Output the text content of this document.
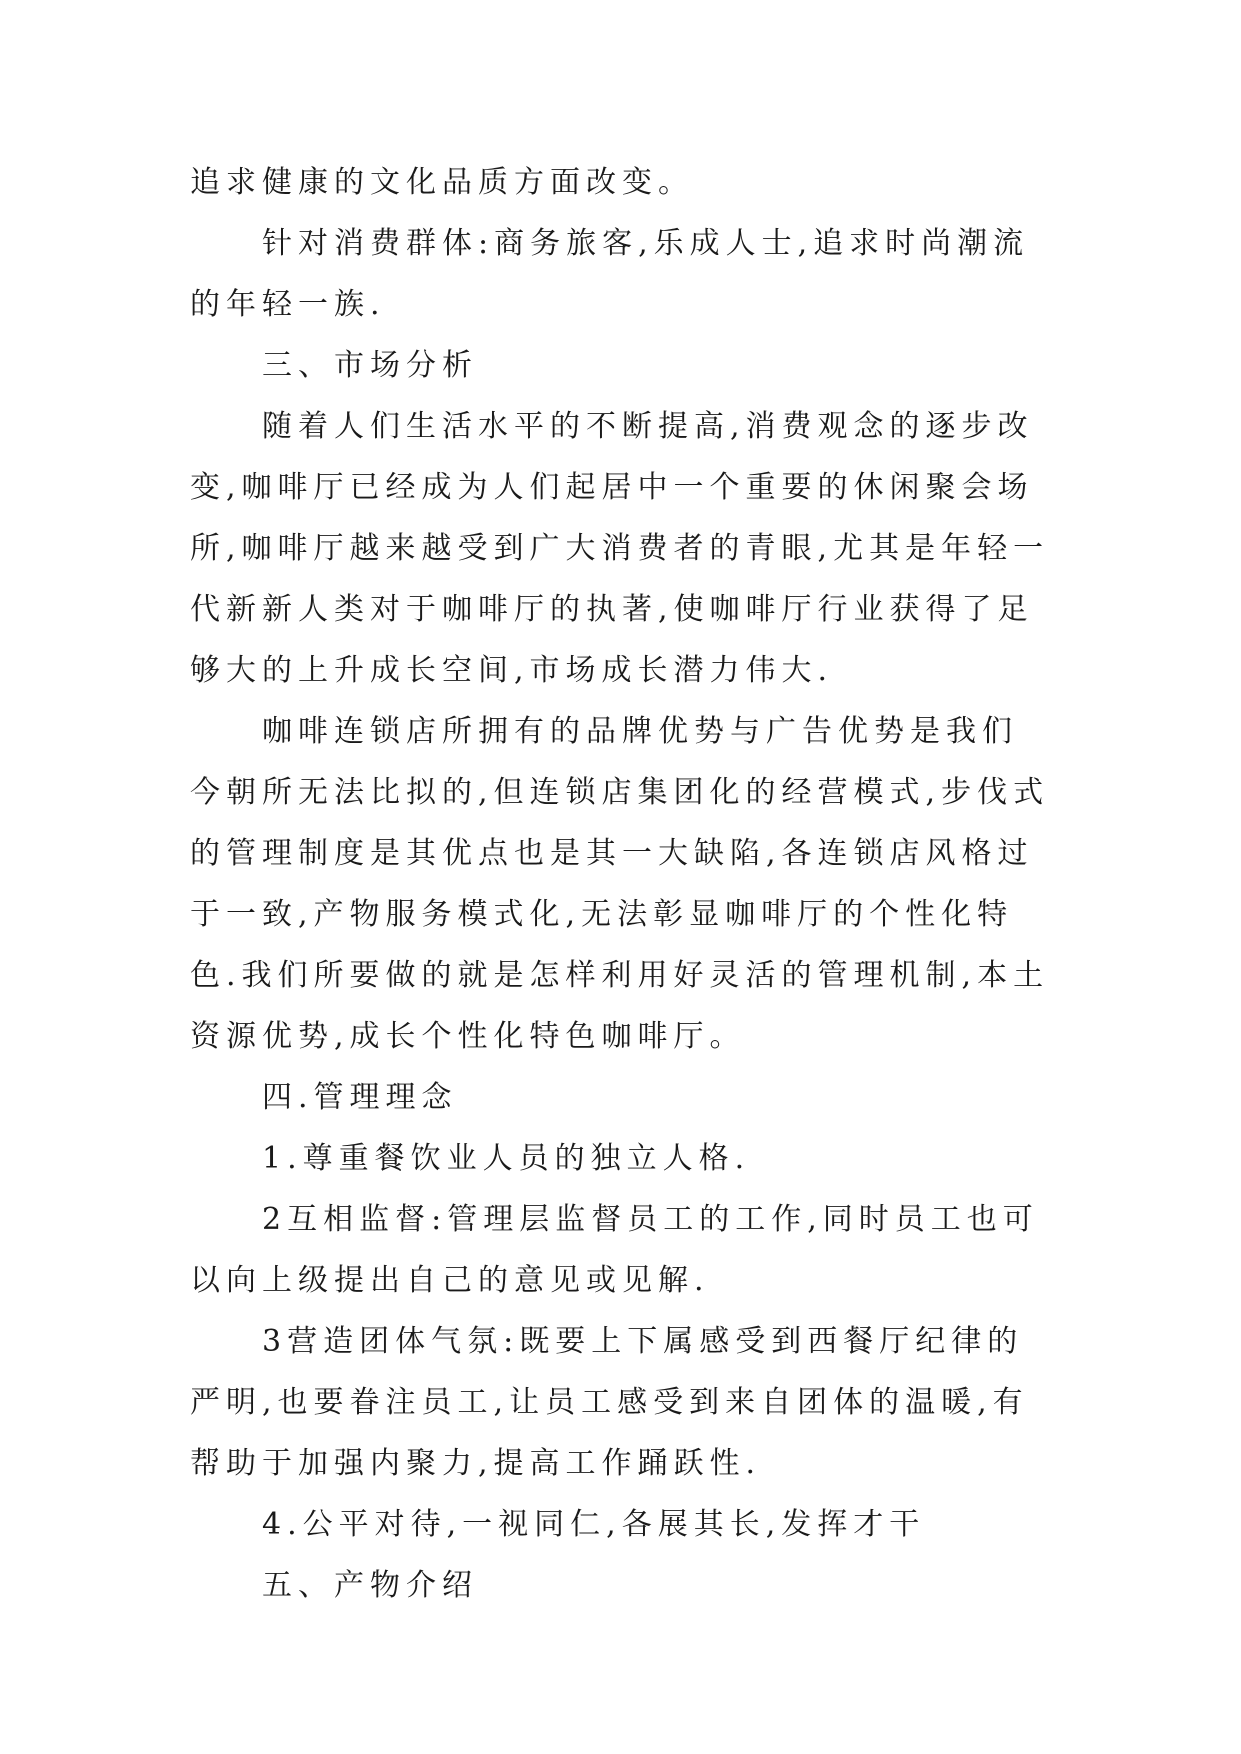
追求健康的文化品质方面改变。

针对消费群体:商务旅客,乐成人士,追求时尚潮流的年轻一族.

三、市场分析

随着人们生活水平的不断提高,消费观念的逐步改变,咖啡厅已经成为人们起居中一个重要的休闲聚会场所,咖啡厅越来越受到广大消费者的青眼,尤其是年轻一代新新人类对于咖啡厅的执著,使咖啡厅行业获得了足够大的上升成长空间,市场成长潜力伟大.

咖啡连锁店所拥有的品牌优势与广告优势是我们今朝所无法比拟的,但连锁店集团化的经营模式,步伐式的管理制度是其优点也是其一大缺陷,各连锁店风格过于一致,产物服务模式化,无法彰显咖啡厅的个性化特色.我们所要做的就是怎样利用好灵活的管理机制,本土资源优势,成长个性化特色咖啡厅。

四.管理理念

1.尊重餐饮业人员的独立人格.

2互相监督:管理层监督员工的工作,同时员工也可以向上级提出自己的意见或见解.

3营造团体气氛:既要上下属感受到西餐厅纪律的严明,也要眷注员工,让员工感受到来自团体的温暖,有帮助于加强内聚力,提高工作踊跃性.

4.公平对待,一视同仁,各展其长,发挥才干

五、产物介绍
